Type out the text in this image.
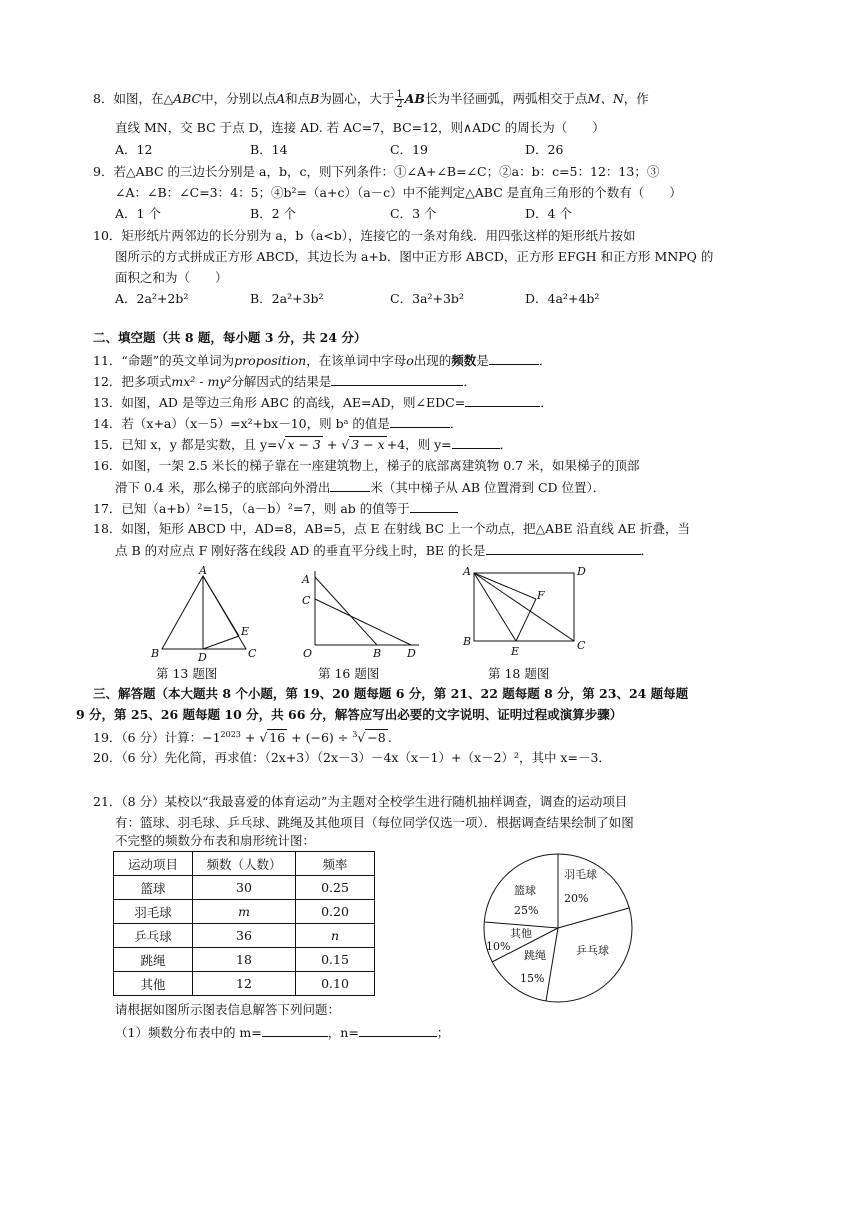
8．如图，在△ABC中，分别以点A和点B为圆心，大于 $\frac{1}{2}$ AB长为半径画弧，两弧相交于点M、N，作
直线 MN，交 BC 于点 D，连接 AD. 若 AC=7，BC=12，则∧ADC 的周长为（　　）
A．12	B．14	C．19	D．26
9．若△ABC 的三边长分别是 a，b，c，则下列条件：①∠A+∠B=∠C；②a：b：c=5：12：13；③
∠A：∠B：∠C=3：4：5；④b²=（a+c）（a－c）中不能判定△ABC 是直角三角形的个数有（　　）
A．1 个	B．2 个	C．3 个	D．4 个
10．矩形纸片两邻边的长分别为 a，b（a<b），连接它的一条对角线．用四张这样的矩形纸片按如
图所示的方式拼成正方形 ABCD，其边长为 a+b．图中正方形 ABCD，正方形 EFGH 和正方形 MNPQ 的
面积之和为（　　）
A．2a²+2b²	B．2a²+3b²	C．3a²+3b²	D．4a²+4b²
二、填空题（共 8 题，每小题 3 分，共 24 分）
11．“命题”的英文单词为proposition，在该单词中字母o出现的频数是	．
12．把多项式mx² - my²分解因式的结果是	．
13．如图，AD 是等边三角形 ABC 的高线，AE=AD，则∠EDC=	．
14．若（x+a）（x－5）=x²+bx－10，则 bᵃ 的值是	．
15．已知 x，y 都是实数，且 y=√ x − 3 + √ 3 − x +4，则 y=	．
16．如图，一架 2.5 米长的梯子靠在一座建筑物上，梯子的底部离建筑物 0.7 米，如果梯子的顶部
滑下 0.4 米，那么梯子的底部向外滑出	米（其中梯子从 AB 位置滑到 CD 位置）．
17．已知（a+b）²=15，（a－b）²=7，则 ab 的值等于
18．如图，矩形 ABCD 中，AD=8，AB=5，点 E 在射线 BC 上一个动点，把△ABE 沿直线 AE 折叠，当
点 B 的对应点 F 刚好落在线段 AD 的垂直平分线上时，BE 的长是	．
A
B	D
E
C
第 13 题图
A
C
O	B D
第 16 题图
A	D
F
B
E	C
第 18 题图
三、解答题（本大题共 8 个小题，第 19、20 题每题 6 分，第 21、22 题每题 8 分，第 23、24 题每题
9 分，第 25、26 题每题 10 分，共 66 分，解答应写出必要的文字说明、证明过程或演算步骤）
19．（6 分）计算：$-1^{2023}$ + √ 16 + (−6) ÷ $^3$√ −8 .
20．（6 分）先化简，再求值：（2x+3）（2x－3）－4x（x－1）+（x－2）²，其中 x=－3．
21．（8 分）某校以“我最喜爱的体育运动”为主题对全校学生进行随机抽样调查，调查的运动项目
有：篮球、羽毛球、乒乓球、跳绳及其他项目（每位同学仅选一项）．根据调查结果绘制了如图
不完整的频数分布表和扇形统计图：
运动项目	频数（人数）	频率
篮球	30	0.25
羽毛球	m	0.20
乒乓球	36	n
跳绳	18	0.15
其他	12	0.10
羽毛球
20%
篮球
25%
其他
10%
跳绳
15%
乒乓球
请根据如图所示图表信息解答下列问题：
（1）频数分布表中的 m=	，n=	；
